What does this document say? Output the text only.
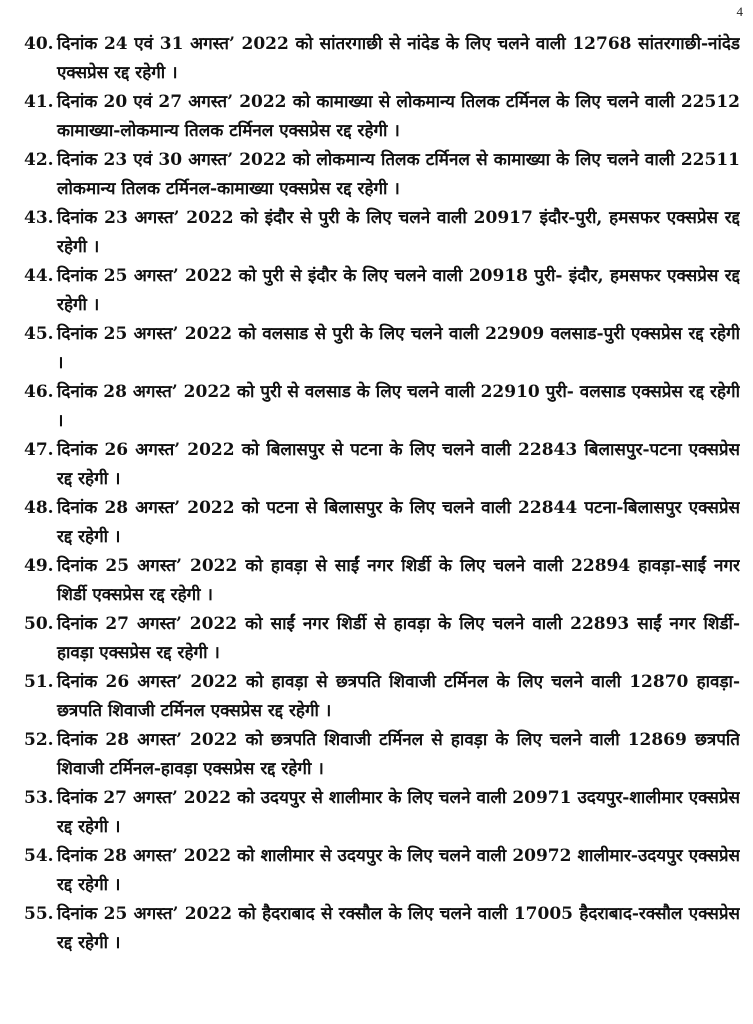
4
40. दिनांक 24 एवं 31 अगस्त’ 2022 को सांतरगाछी से नांदेड के लिए चलने वाली 12768 सांतरगाछी-नांदेड एक्सप्रेस रद्द रहेगी ।
41. दिनांक 20 एवं 27 अगस्त’ 2022 को कामाख्या से लोकमान्य तिलक टर्मिनल के लिए चलने वाली 22512 कामाख्या-लोकमान्य तिलक टर्मिनल एक्सप्रेस रद्द रहेगी ।
42. दिनांक 23 एवं 30 अगस्त’ 2022 को लोकमान्य तिलक टर्मिनल से कामाख्या के लिए चलने वाली 22511 लोकमान्य तिलक टर्मिनल-कामाख्या एक्सप्रेस रद्द रहेगी ।
43. दिनांक 23 अगस्त’ 2022 को इंदौर से पुरी के लिए चलने वाली 20917 इंदौर-पुरी, हमसफर एक्सप्रेस रद्द रहेगी ।
44. दिनांक 25 अगस्त’ 2022 को पुरी से इंदौर के लिए चलने वाली 20918 पुरी- इंदौर, हमसफर एक्सप्रेस रद्द रहेगी ।
45. दिनांक 25 अगस्त’ 2022 को वलसाड से पुरी के लिए चलने वाली 22909 वलसाड-पुरी एक्सप्रेस रद्द रहेगी ।
46. दिनांक 28 अगस्त’ 2022 को पुरी से वलसाड के लिए चलने वाली 22910 पुरी- वलसाड एक्सप्रेस रद्द रहेगी ।
47. दिनांक 26 अगस्त’ 2022 को बिलासपुर से पटना के लिए चलने वाली 22843 बिलासपुर-पटना एक्सप्रेस रद्द रहेगी ।
48. दिनांक 28 अगस्त’ 2022 को पटना से बिलासपुर के लिए चलने वाली 22844 पटना-बिलासपुर एक्सप्रेस रद्द रहेगी ।
49. दिनांक 25 अगस्त’ 2022 को हावड़ा से साईं नगर शिर्डी के लिए चलने वाली 22894 हावड़ा-साईं नगर शिर्डी एक्सप्रेस रद्द रहेगी ।
50. दिनांक 27 अगस्त’ 2022 को साईं नगर शिर्डी से हावड़ा के लिए चलने वाली 22893 साईं नगर शिर्डी-हावड़ा एक्सप्रेस रद्द रहेगी ।
51. दिनांक 26 अगस्त’ 2022 को हावड़ा से छत्रपति शिवाजी टर्मिनल के लिए चलने वाली 12870 हावड़ा-छत्रपति शिवाजी टर्मिनल एक्सप्रेस रद्द रहेगी ।
52. दिनांक 28 अगस्त’ 2022 को छत्रपति शिवाजी टर्मिनल से हावड़ा के लिए चलने वाली 12869 छत्रपति शिवाजी टर्मिनल-हावड़ा एक्सप्रेस रद्द रहेगी ।
53. दिनांक 27 अगस्त’ 2022 को उदयपुर से शालीमार के लिए चलने वाली 20971 उदयपुर-शालीमार एक्सप्रेस रद्द रहेगी ।
54. दिनांक 28 अगस्त’ 2022 को शालीमार से उदयपुर के लिए चलने वाली 20972 शालीमार-उदयपुर एक्सप्रेस रद्द रहेगी ।
55. दिनांक 25 अगस्त’ 2022 को हैदराबाद से रक्सौल के लिए चलने वाली 17005 हैदराबाद-रक्सौल एक्सप्रेस रद्द रहेगी ।
